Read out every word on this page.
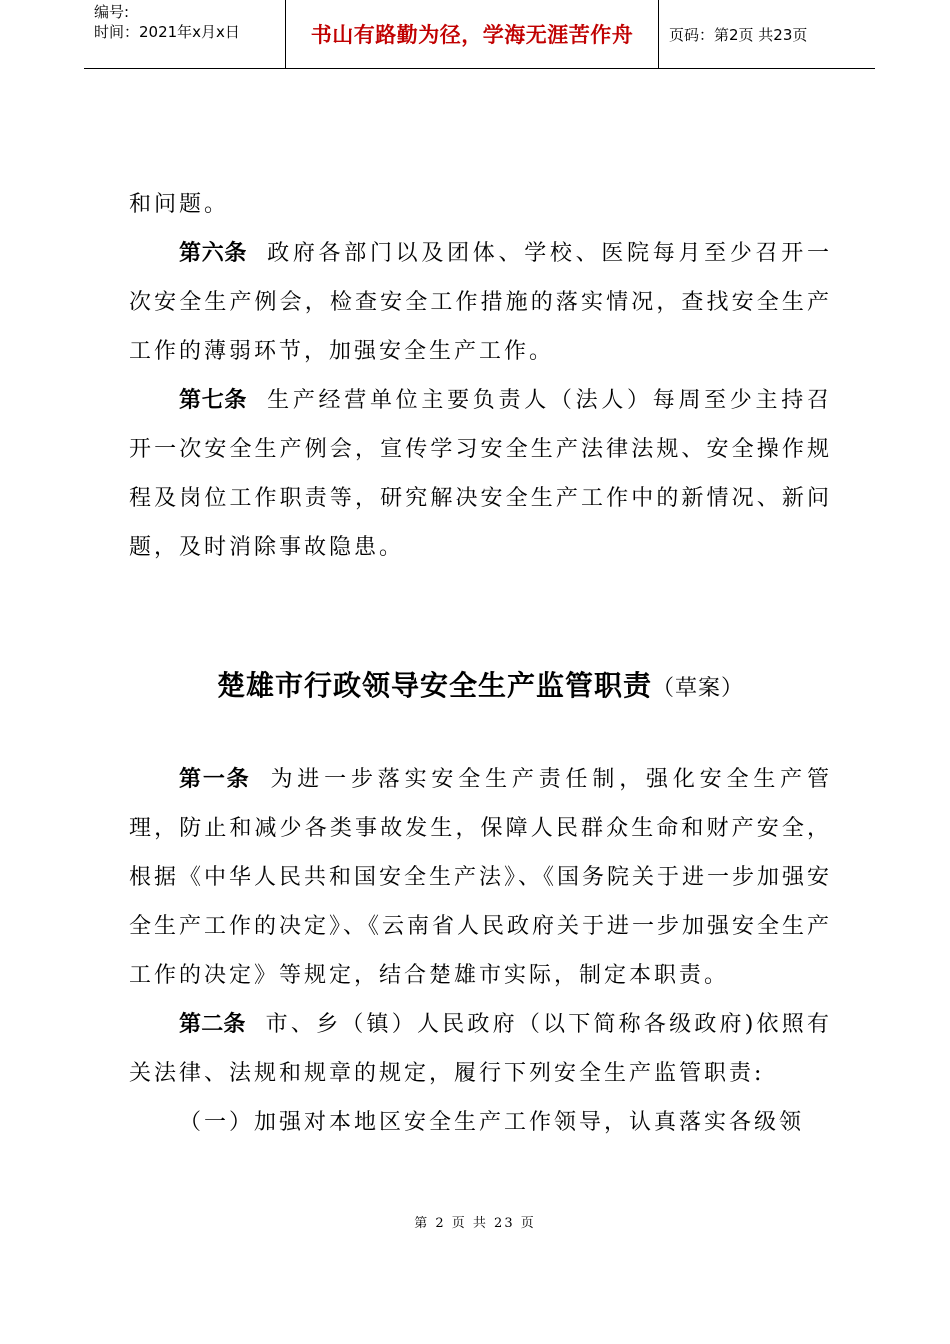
编号:
时间：2021年x月x日	书山有路勤为径，学海无涯苦作舟	页码：第2页 共23页

和问题。

第六条 政府各部门以及团体、学校、医院每月至少召开一次安全生产例会，检查安全工作措施的落实情况，查找安全生产工作的薄弱环节，加强安全生产工作。

第七条 生产经营单位主要负责人（法人）每周至少主持召开一次安全生产例会，宣传学习安全生产法律法规、安全操作规程及岗位工作职责等，研究解决安全生产工作中的新情况、新问题，及时消除事故隐患。

楚雄市行政领导安全生产监管职责（草案）

第一条 为进一步落实安全生产责任制，强化安全生产管理，防止和减少各类事故发生，保障人民群众生命和财产安全，根据《中华人民共和国安全生产法》、《国务院关于进一步加强安全生产工作的决定》、《云南省人民政府关于进一步加强安全生产工作的决定》等规定，结合楚雄市实际，制定本职责。

第二条 市、乡（镇）人民政府（以下简称各级政府)依照有关法律、法规和规章的规定，履行下列安全生产监管职责:

（一）加强对本地区安全生产工作领导，认真落实各级领

第 2 页 共 23 页
